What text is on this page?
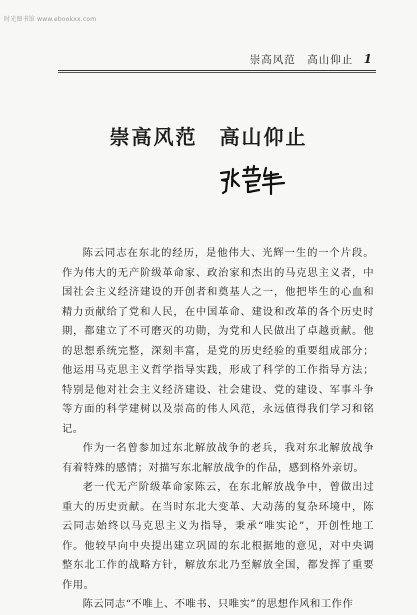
时光图书馆 www.ebookxx.com
崇高风范　高山仰止 1
崇高风范　高山仰止

陈云同志在东北的经历，是他伟大、光辉一生的一个片段。作为伟大的无产阶级革命家、政治家和杰出的马克思主义者，中国社会主义经济建设的开创者和奠基人之一，他把毕生的心血和精力贡献给了党和人民，在中国革命、建设和改革的各个历史时期，都建立了不可磨灭的功勋，为党和人民做出了卓越贡献。他的思想系统完整，深刻丰富，是党的历史经验的重要组成部分；他运用马克思主义哲学指导实践，形成了科学的工作指导方法；特别是他对社会主义经济建设、社会建设、党的建设、军事斗争等方面的科学建树以及崇高的伟人风范，永远值得我们学习和铭记。

作为一名曾参加过东北解放战争的老兵，我对东北解放战争有着特殊的感情；对描写东北解放战争的作品，感到格外亲切。

老一代无产阶级革命家陈云，在东北解放战争中，曾做出过重大的历史贡献。在当时东北大变革、大动荡的复杂环境中，陈云同志始终以马克思主义为指导，秉承“唯实论”，开创性地工作。他较早向中央提出建立巩固的东北根据地的意见，对中央调整东北工作的战略方针，解放东北乃至解放全国，都发挥了重要作用。

陈云同志“不唯上、不唯书、只唯实”的思想作风和工作作
